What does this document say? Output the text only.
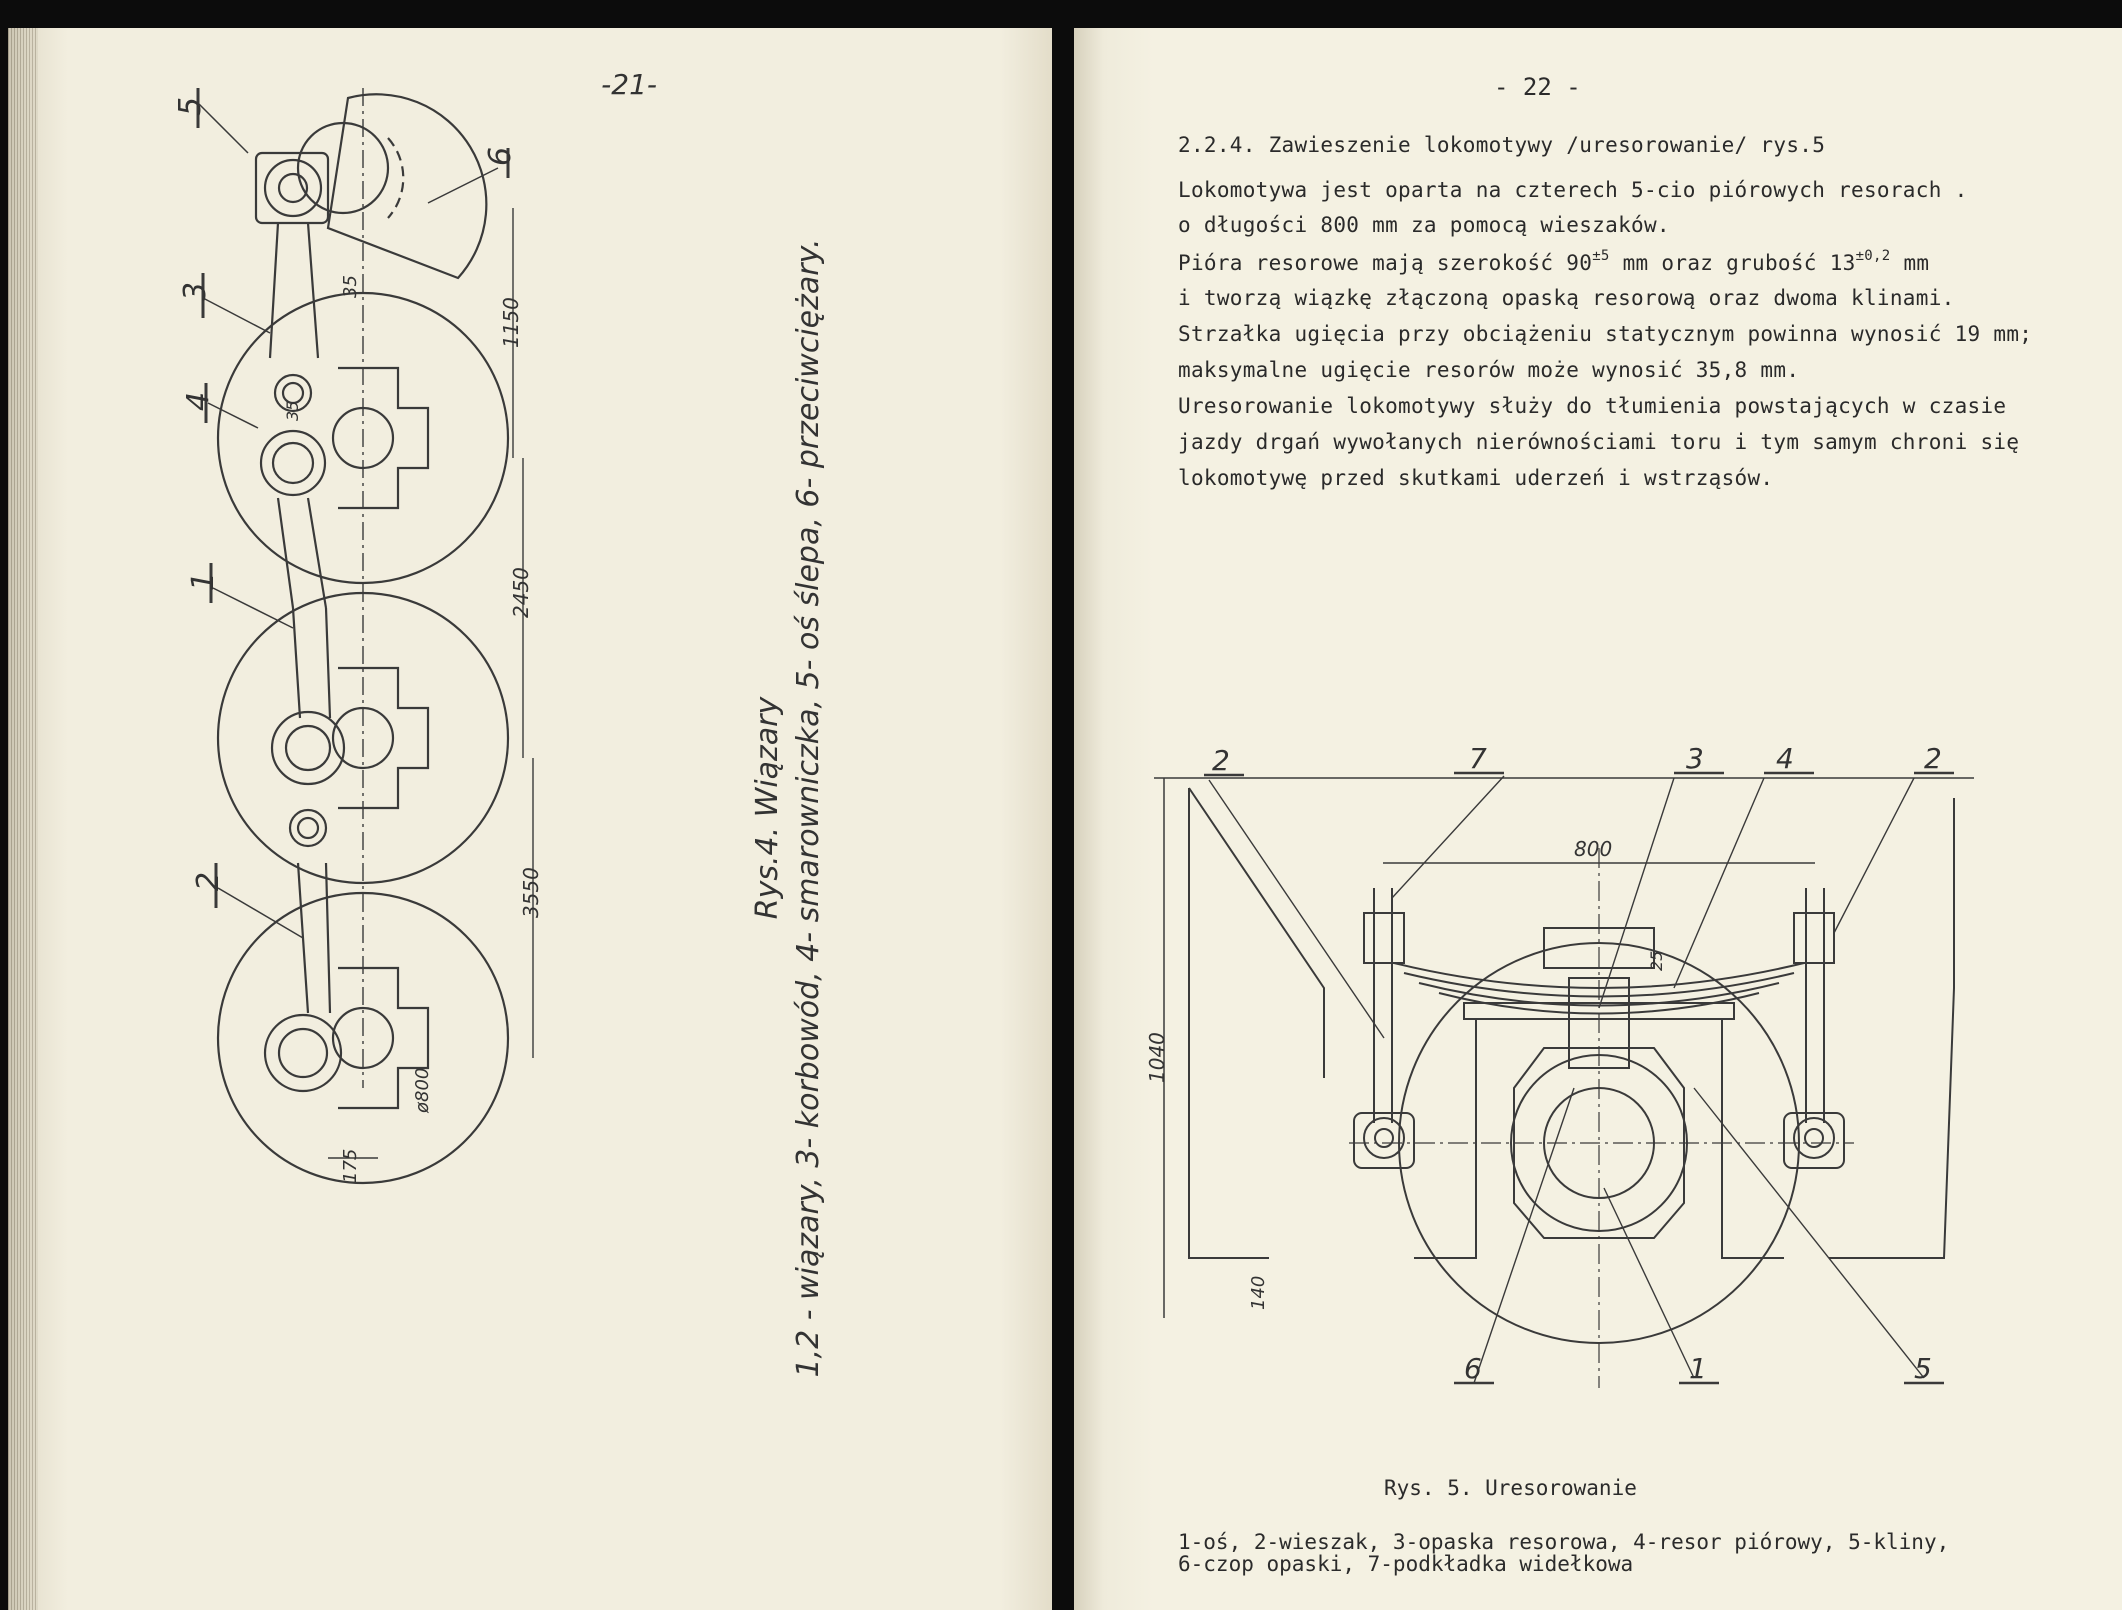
-21-
5
6
3
4
1
2
1150
2450
3550
35
35
175
ø800
Rys.4. Wiązary 1,2 - wiązary, 3- korbowód, 4- smarowniczka, 5- oś ślepa, 6- przeciwciężary.
- 22 -
2.2.4. Zawieszenie lokomotywy /uresorowanie/ rys.5
Lokomotywa jest oparta na czterech 5-cio piórowych resorach .
o długości 800 mm za pomocą wieszaków.
Pióra resorowe mają szerokość $90^{\pm 5}$ mm oraz grubość $13^{\pm 0,2}$ mm
i tworzą wiązkę złączoną opaską resorową oraz dwoma klinami.
Strzałka ugięcia przy obciążeniu statycznym powinna wynosić 19 mm;
maksymalne ugięcie resorów może wynosić 35,8 mm.
Uresorowanie lokomotywy służy do tłumienia powstających w czasie
jazdy drgań wywołanych nierównościami toru i tym samym chroni się
lokomotywę przed skutkami uderzeń i wstrząsów.
2	7	3	4	2
6	1	5
800
25
1040
140
Rys. 5. Uresorowanie
1-oś, 2-wieszak, 3-opaska resorowa, 4-resor piórowy, 5-kliny,
6-czop opaski, 7-podkładka widełkowa
